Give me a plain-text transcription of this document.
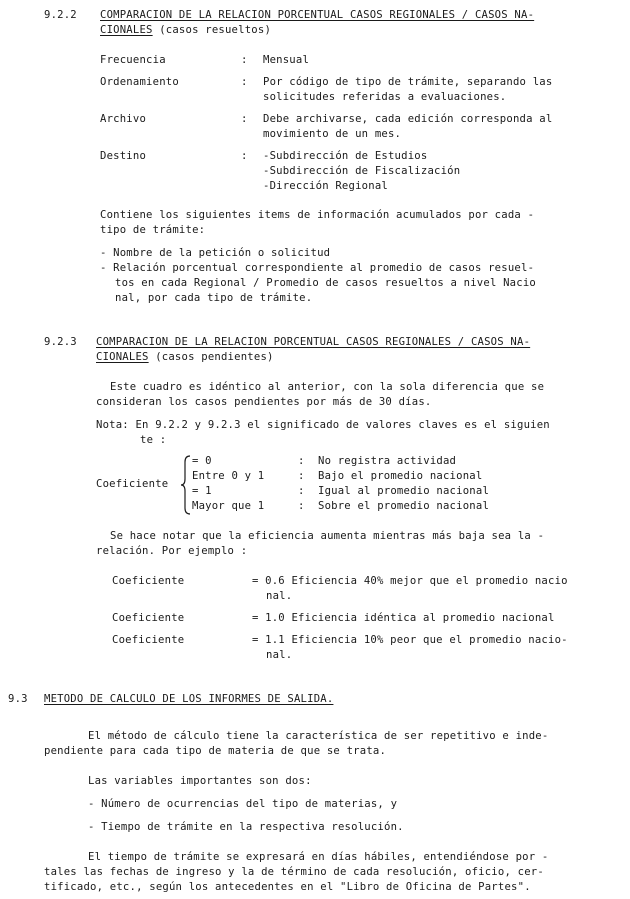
9.2.2 COMPARACION DE LA RELACION PORCENTUAL CASOS REGIONALES / CASOS NA-
CIONALES (casos resueltos)
Frecuencia	: Mensual
Ordenamiento	: Por código de tipo de trámite, separando las
solicitudes referidas a evaluaciones.
Archivo	: Debe archivarse, cada edición corresponda al
movimiento de un mes.
Destino	: -Subdirección de Estudios
-Subdirección de Fiscalización
-Dirección Regional
Contiene los siguientes items de información acumulados por cada -
tipo de trámite:
- Nombre de la petición o solicitud
- Relación porcentual correspondiente al promedio de casos resuel-
tos en cada Regional / Promedio de casos resueltos a nivel Nacio
nal, por cada tipo de trámite.
9.2.3 COMPARACION DE LA RELACION PORCENTUAL CASOS REGIONALES / CASOS NA-
CIONALES (casos pendientes)
Este cuadro es idéntico al anterior, con la sola diferencia que se
consideran los casos pendientes por más de 30 días.
Nota: En 9.2.2 y 9.2.3 el significado de valores claves es el siguien
te :
Coeficiente
= 0	: No registra actividad
Entre 0 y 1	: Bajo el promedio nacional
= 1	: Igual al promedio nacional
Mayor que 1	: Sobre el promedio nacional
Se hace notar que la eficiencia aumenta mientras más baja sea la -
relación. Por ejemplo :
Coeficiente	= 0.6 Eficiencia 40% mejor que el promedio nacio
nal.
Coeficiente	= 1.0 Eficiencia idéntica al promedio nacional
Coeficiente	= 1.1 Eficiencia 10% peor que el promedio nacio-
nal.
9.3 METODO DE CALCULO DE LOS INFORMES DE SALIDA.
El método de cálculo tiene la característica de ser repetitivo e inde-
pendiente para cada tipo de materia de que se trata.
Las variables importantes son dos:
- Número de ocurrencias del tipo de materias, y
- Tiempo de trámite en la respectiva resolución.
El tiempo de trámite se expresará en días hábiles, entendiéndose por -
tales las fechas de ingreso y la de término de cada resolución, oficio, cer-
tificado, etc., según los antecedentes en el "Libro de Oficina de Partes".
